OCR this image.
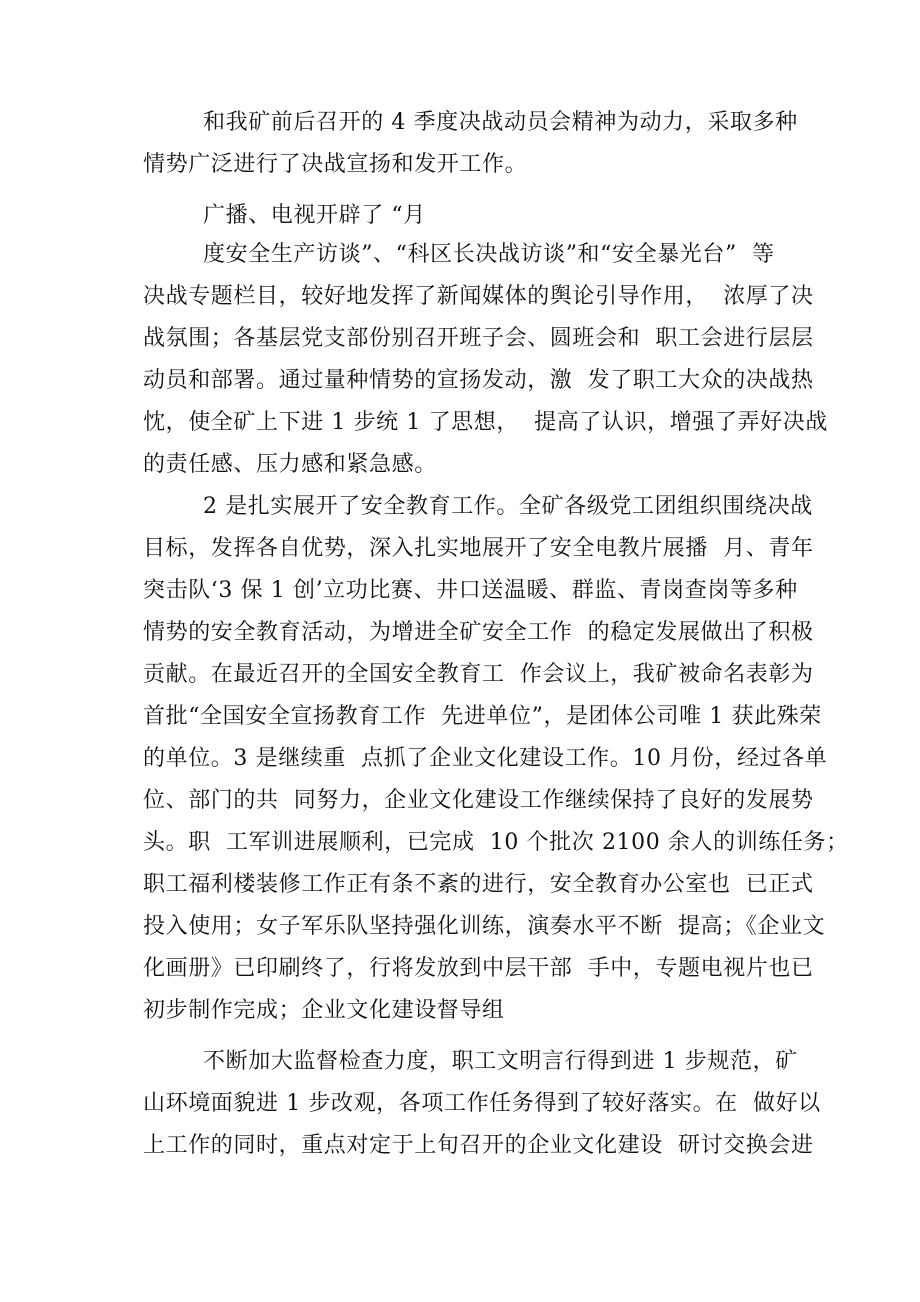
和我矿前后召开的 4 季度决战动员会精神为动力，采取多种
情势广泛进行了决战宣扬和发开工作。
广播、电视开辟了 “月
度安全生产访谈”、“科区长决战访谈”和“安全暴光台”  等
决战专题栏目，较好地发挥了新闻媒体的舆论引导作用，  浓厚了决
战氛围；各基层党支部份别召开班子会、圆班会和  职工会进行层层
动员和部署。通过量种情势的宣扬发动，激  发了职工大众的决战热
忱，使全矿上下进 1 步统 1 了思想，  提高了认识，增强了弄好决战
的责任感、压力感和紧急感。
2 是扎实展开了安全教育工作。全矿各级党工团组织围绕决战
目标，发挥各自优势，深入扎实地展开了安全电教片展播  月、青年
突击队‘3 保 1 创’立功比赛、井口送温暖、群监、青岗查岗等多种
情势的安全教育活动，为增进全矿安全工作  的稳定发展做出了积极
贡献。在最近召开的全国安全教育工  作会议上，我矿被命名表彰为
首批“全国安全宣扬教育工作  先进单位”，是团体公司唯 1 获此殊荣
的单位。3 是继续重  点抓了企业文化建设工作。10 月份，经过各单
位、部门的共  同努力，企业文化建设工作继续保持了良好的发展势
头。职  工军训进展顺利，已完成  10 个批次 2100 余人的训练任务；
职工福利楼装修工作正有条不紊的进行，安全教育办公室也  已正式
投入使用；女子军乐队坚持强化训练，演奏水平不断  提高；《企业文
化画册》已印刷终了，行将发放到中层干部  手中，专题电视片也已
初步制作完成；企业文化建设督导组
不断加大监督检查力度，职工文明言行得到进 1 步规范，矿
山环境面貌进 1 步改观，各项工作任务得到了较好落实。在  做好以
上工作的同时，重点对定于上旬召开的企业文化建设  研讨交换会进
